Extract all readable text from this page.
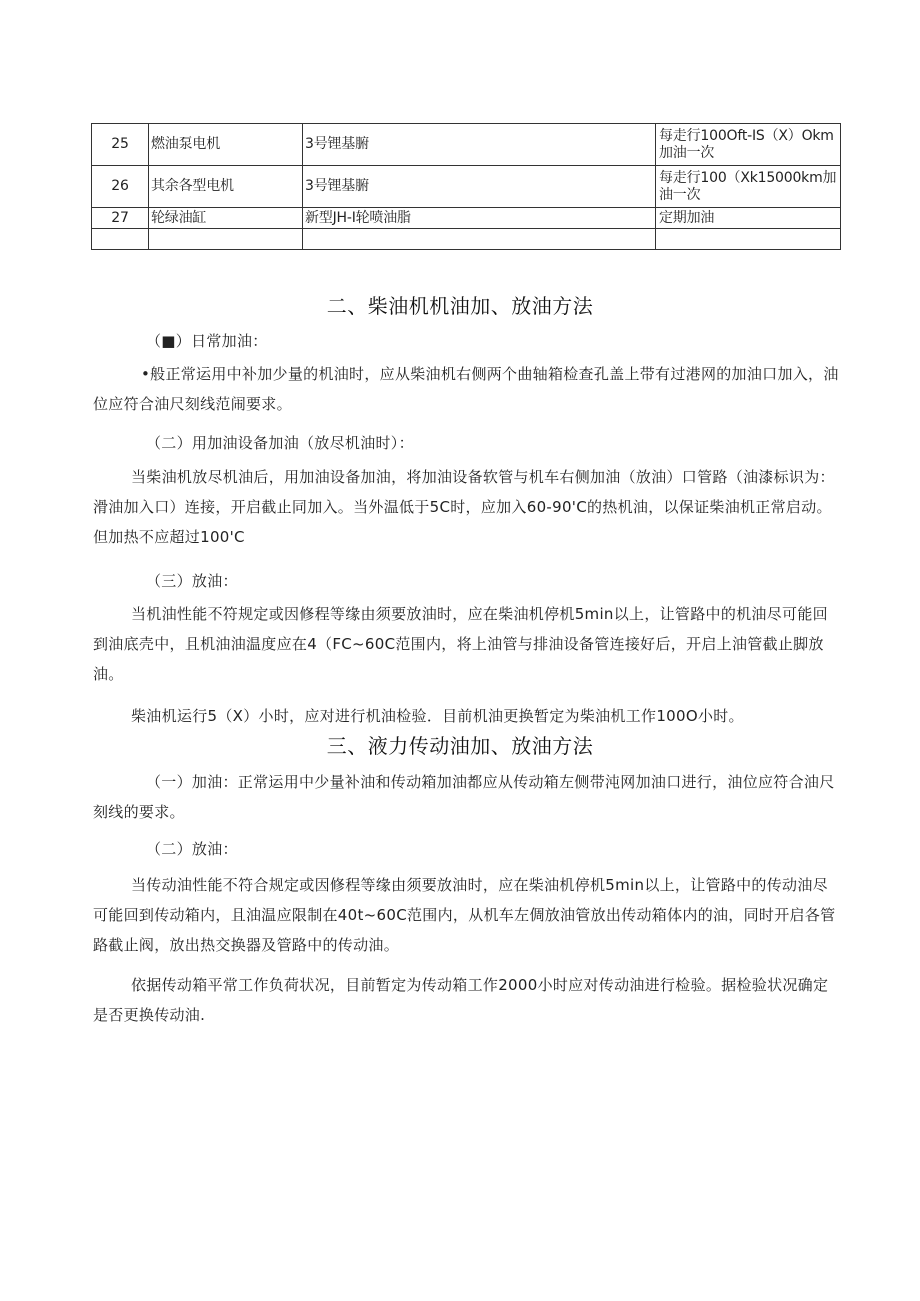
25	燃油泵电机	3号锂基腑	每走行100Oft-IS（X）Okm加油一次
26	其余各型电机	3号锂基腑	每走行100（Xk15000km加油一次
27	轮绿油缸	新型JH-I轮喷油脂	定期加油

二、柴油机机油加、放油方法

（■）日常加油：

•般正常运用中补加少量的机油时，应从柴油机右侧两个曲轴箱检查孔盖上带有过港网的加油口加入，油位应符合油尺刻线范闹要求。

（二）用加油设备加油（放尽机油时）：

当柴油机放尽机油后，用加油设备加油，将加油设备软管与机车右侧加油（放油）口管路（油漆标识为：滑油加入口）连接，开启截止同加入。当外温低于5C时，应加入60-90'C的热机油，以保证柴油机正常启动。但加热不应超过100'C

（三）放油：

当机油性能不符规定或因修程等缘由须要放油时，应在柴油机停机5min以上，让管路中的机油尽可能回到油底壳中，且机油油温度应在4（FC~60C范围内，将上油管与排油设备管连接好后，开启上油管截止脚放油。

柴油机运行5（X）小时，应对进行机油检验．目前机油更换暂定为柴油机工作100O小时。

三、液力传动油加、放油方法

（一）加油：正常运用中少量补油和传动箱加油都应从传动箱左侧带沌网加油口进行，油位应符合油尺刻线的要求。

（二）放油：

当传动油性能不符合规定或因修程等缘由须要放油时，应在柴油机停机5min以上，让管路中的传动油尽可能回到传动箱内，且油温应限制在40t~60C范围内，从机车左倜放油管放出传动箱体内的油，同时开启各管路截止阀，放出热交换器及管路中的传动油。

依据传动箱平常工作负荷状况，目前暂定为传动箱工作2000小时应对传动油进行检验。据检验状况确定是否更换传动油.
